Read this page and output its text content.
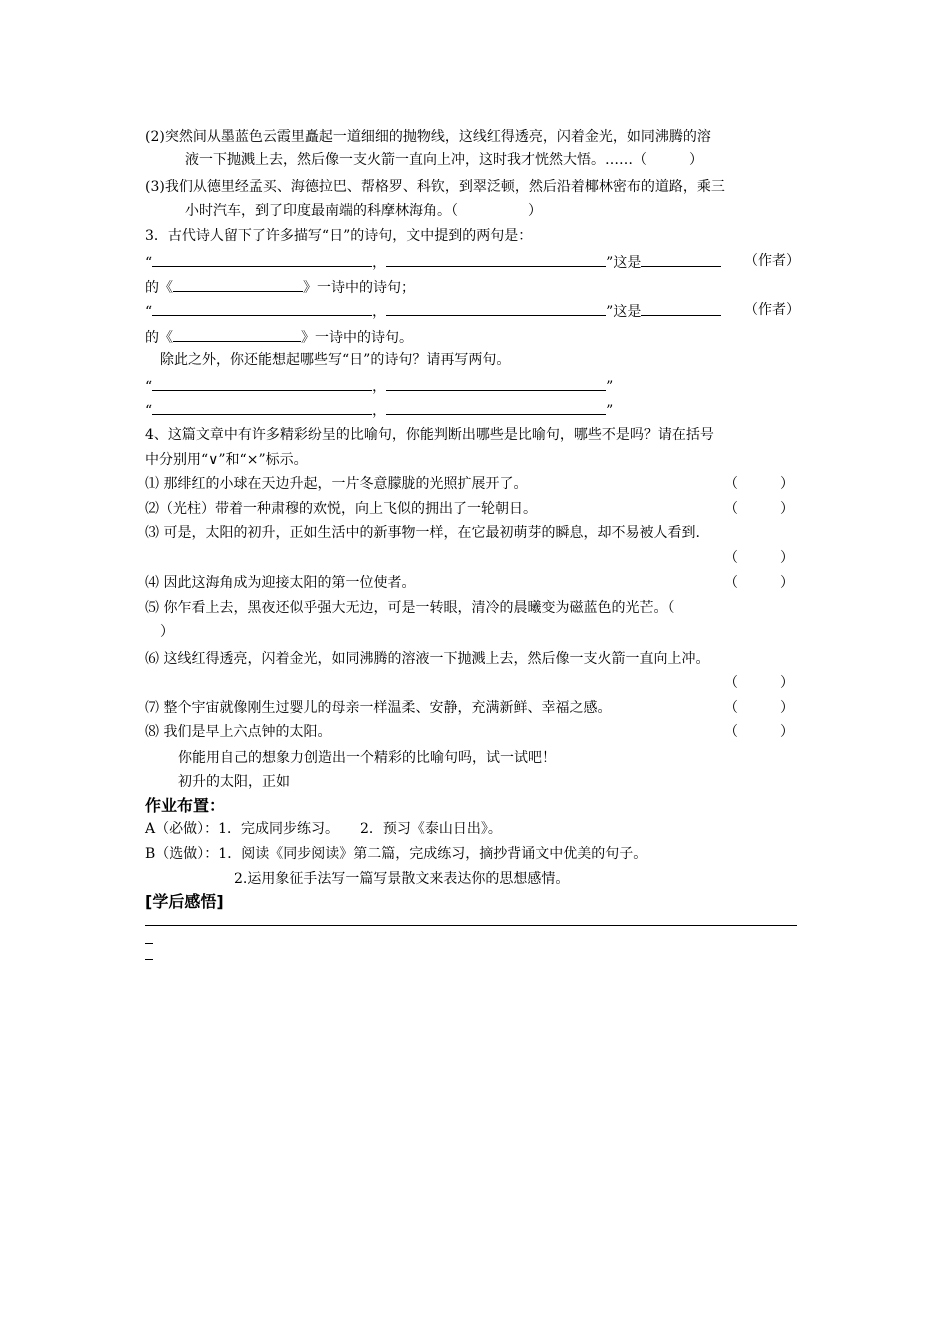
(2)突然间从墨蓝色云霞里矗起一道细细的抛物线，这线红得透亮，闪着金光，如同沸腾的溶
液一下抛溅上去，然后像一支火箭一直向上冲，这时我才恍然大悟。……（　　　）
(3)我们从德里经孟买、海德拉巴、帮格罗、科钦，到翠泛顿，然后沿着椰林密布的道路，乘三
小时汽车，到了印度最南端的科摩林海角。（　　　　　）
3．古代诗人留下了许多描写“日”的诗句，文中提到的两句是：
“	，	”这是	（作者）
的《	》一诗中的诗句；
“	，	”这是	（作者）
的《	》一诗中的诗句。
除此之外，你还能想起哪些写“日”的诗句？请再写两句。
“	，	”
“	，	”
4、这篇文章中有许多精彩纷呈的比喻句，你能判断出哪些是比喻句，哪些不是吗？请在括号
中分别用“∨”和“×”标示。
⑴ 那绯红的小球在天边升起，一片冬意朦胧的光照扩展开了。	（　　　）
⑵（光柱）带着一种肃穆的欢悦，向上飞似的拥出了一轮朝日。	（　　　）
⑶ 可是，太阳的初升，正如生活中的新事物一样，在它最初萌芽的瞬息，却不易被人看到.
（　　　）
⑷ 因此这海角成为迎接太阳的第一位使者。	（　　　）
⑸ 你乍看上去，黑夜还似乎强大无边，可是一转眼，清冷的晨曦变为磁蓝色的光芒。（
）
⑹ 这线红得透亮，闪着金光，如同沸腾的溶液一下抛溅上去，然后像一支火箭一直向上冲。
（　　　）
⑺ 整个宇宙就像刚生过婴儿的母亲一样温柔、安静，充满新鲜、幸福之感。	（　　　）
⑻ 我们是早上六点钟的太阳。	（　　　）
你能用自己的想象力创造出一个精彩的比喻句吗，试一试吧！
初升的太阳，正如
作业布置：
A（必做）：1．完成同步练习。　　2．预习《泰山日出》。
B（选做）：1．阅读《同步阅读》第二篇，完成练习，摘抄背诵文中优美的句子。
2.运用象征手法写一篇写景散文来表达你的思想感情。
[学后感悟]
